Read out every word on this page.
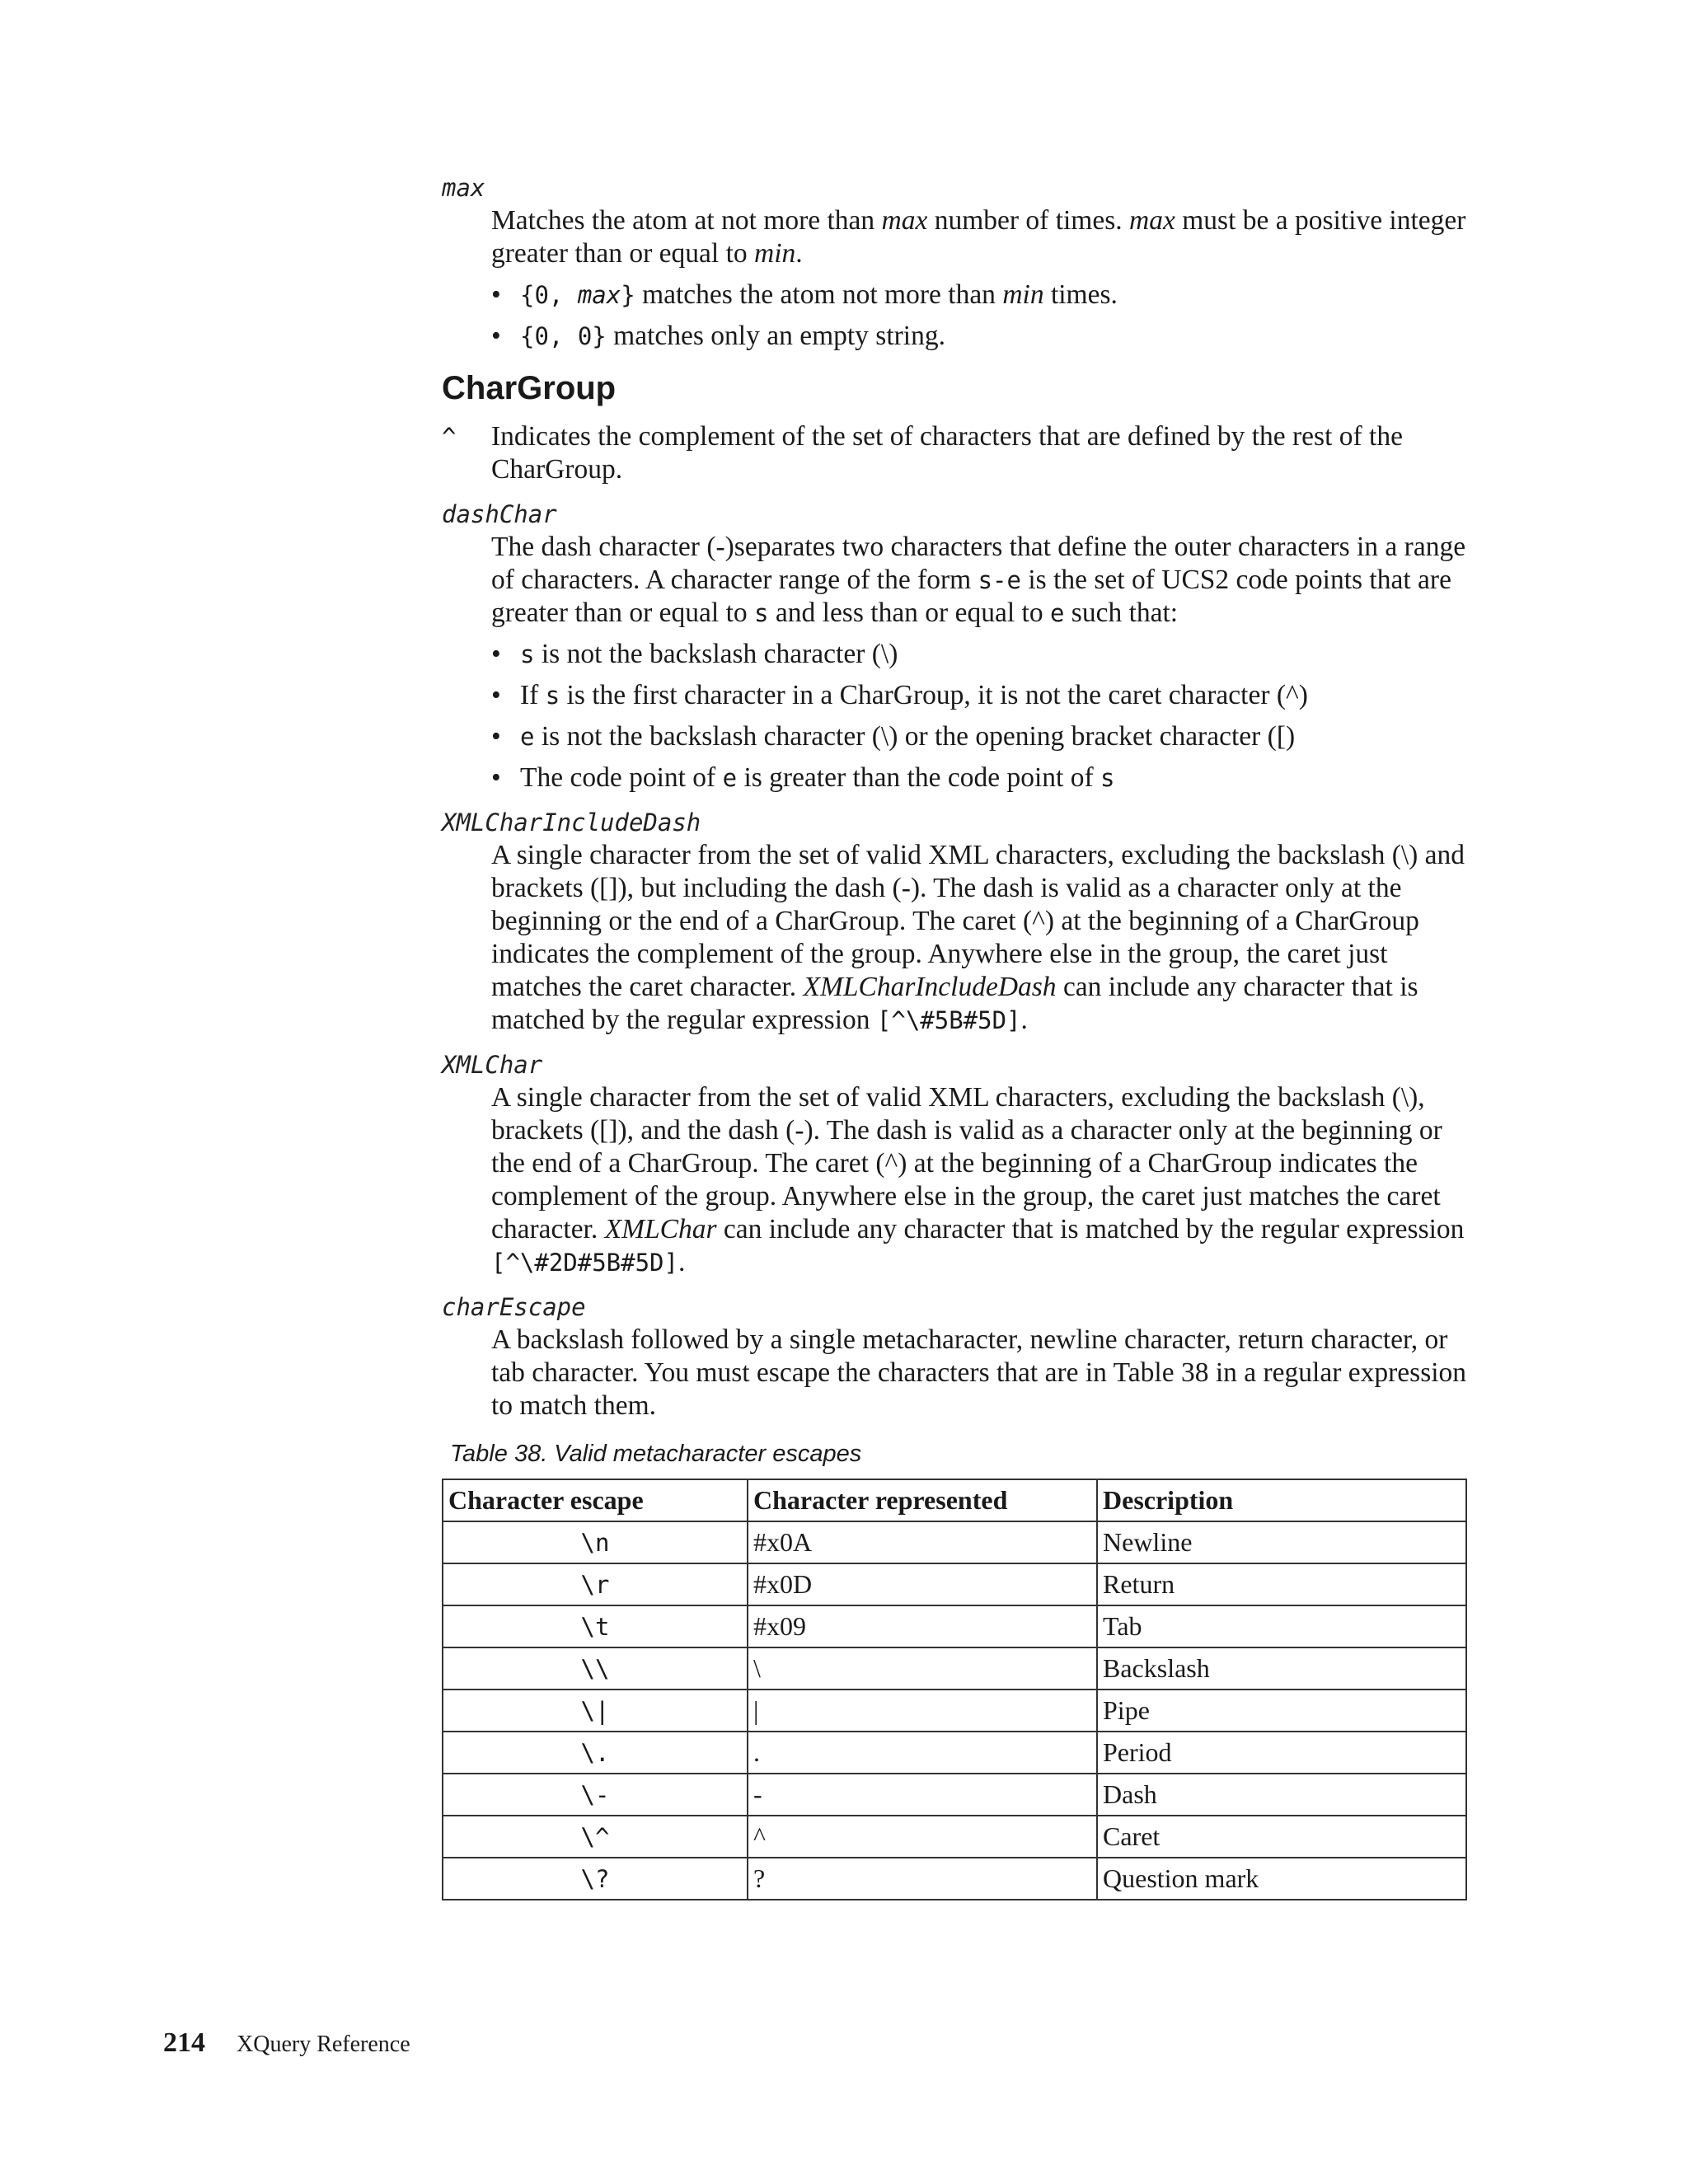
max

Matches the atom at not more than max number of times. max must be a positive integer greater than or equal to min.

• {0, max} matches the atom not more than min times.
• {0, 0} matches only an empty string.
CharGroup
^ Indicates the complement of the set of characters that are defined by the rest of the CharGroup.

dashChar

The dash character (-)separates two characters that define the outer characters in a range of characters. A character range of the form s-e is the set of UCS2 code points that are greater than or equal to s and less than or equal to e such that:

• s is not the backslash character (\)
• If s is the first character in a CharGroup, it is not the caret character (^)
• e is not the backslash character (\) or the opening bracket character ([)
• The code point of e is greater than the code point of s

XMLCharIncludeDash

A single character from the set of valid XML characters, excluding the backslash (\) and brackets ([]), but including the dash (-). The dash is valid as a character only at the beginning or the end of a CharGroup. The caret (^) at the beginning of a CharGroup indicates the complement of the group. Anywhere else in the group, the caret just matches the caret character. XMLCharIncludeDash can include any character that is matched by the regular expression [^\#5B#5D].

XMLChar

A single character from the set of valid XML characters, excluding the backslash (\), brackets ([]), and the dash (-). The dash is valid as a character only at the beginning or the end of a CharGroup. The caret (^) at the beginning of a CharGroup indicates the complement of the group. Anywhere else in the group, the caret just matches the caret character. XMLChar can include any character that is matched by the regular expression [^\#2D#5B#5D].

charEscape

A backslash followed by a single metacharacter, newline character, return character, or tab character. You must escape the characters that are in Table 38 in a regular expression to match them.

Table 38. Valid metacharacter escapes
Character escape	Character represented	Description
\n	#x0A	Newline
\r	#x0D	Return
\t	#x09	Tab
\\	\	Backslash
\|	|	Pipe
\.	.	Period
\-	-	Dash
\^	^	Caret
\?	?	Question mark
214 XQuery Reference
